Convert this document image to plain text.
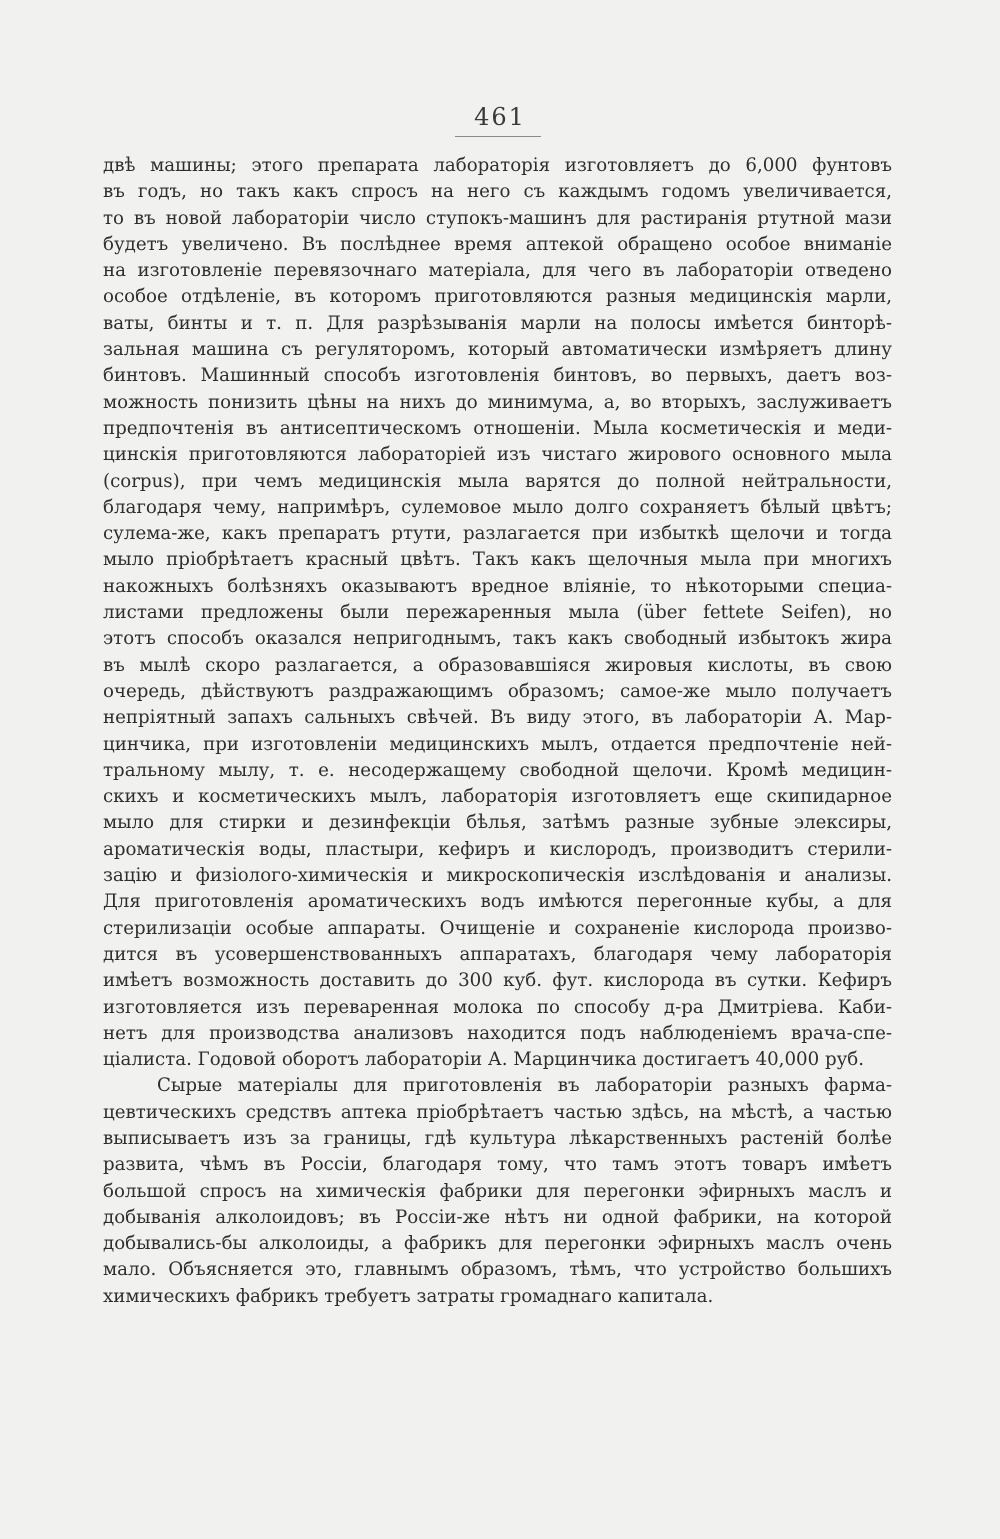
461

двѣ машины; этого препарата лабораторія изготовляетъ до 6,000 фунтовъ
въ годъ, но такъ какъ спросъ на него съ каждымъ годомъ увеличивается,
то въ новой лабораторіи число ступокъ-машинъ для растиранія ртутной мази
будетъ увеличено. Въ послѣднее время аптекой обращено особое вниманіе
на изготовленіе перевязочнаго матеріала, для чего въ лабораторіи отведено
особое отдѣленіе, въ которомъ приготовляются разныя медицинскія марли,
ваты, бинты и т. п. Для разрѣзыванія марли на полосы имѣется бинторѣ-
зальная машина съ регуляторомъ, который автоматически измѣряетъ длину
бинтовъ. Машинный способъ изготовленія бинтовъ, во первыхъ, даетъ воз-
можность понизить цѣны на нихъ до минимума, а, во вторыхъ, заслуживаетъ
предпочтенія въ антисептическомъ отношеніи. Мыла косметическія и меди-
цинскія приготовляются лабораторіей изъ чистаго жирового основного мыла
(corpus), при чемъ медицинскія мыла варятся до полной нейтральности,
благодаря чему, напримѣръ, сулемовое мыло долго сохраняетъ бѣлый цвѣтъ;
сулема-же, какъ препаратъ ртути, разлагается при избыткѣ щелочи и тогда
мыло пріобрѣтаетъ красный цвѣтъ. Такъ какъ щелочныя мыла при многихъ
накожныхъ болѣзняхъ оказываютъ вредное вліяніе, то нѣкоторыми специа-
листами предложены были пережаренныя мыла (über fettete Seifen), но
этотъ способъ оказался непригоднымъ, такъ какъ свободный избытокъ жира
въ мылѣ скоро разлагается, а образовавшіяся жировыя кислоты, въ свою
очередь, дѣйствуютъ раздражающимъ образомъ; самое-же мыло получаетъ
непріятный запахъ сальныхъ свѣчей. Въ виду этого, въ лабораторіи А. Мар-
цинчика, при изготовленіи медицинскихъ мылъ, отдается предпочтеніе ней-
тральному мылу, т. е. несодержащему свободной щелочи. Кромѣ медицин-
скихъ и косметическихъ мылъ, лабораторія изготовляетъ еще скипидарное
мыло для стирки и дезинфекціи бѣлья, затѣмъ разные зубные элексиры,
ароматическія воды, пластыри, кефиръ и кислородъ, производитъ стерили-
зацію и физіолого-химическія и микроскопическія изслѣдованія и анализы.
Для приготовленія ароматическихъ водъ имѣются перегонные кубы, а для
стерилизаціи особые аппараты. Очищеніе и сохраненіе кислорода произво-
дится въ усовершенствованныхъ аппаратахъ, благодаря чему лабораторія
имѣетъ возможность доставить до 300 куб. фут. кислорода въ сутки. Кефиръ
изготовляется изъ переваренная молока по способу д-ра Дмитріева. Каби-
нетъ для производства анализовъ находится подъ наблюденіемъ врача-спе-
ціалиста. Годовой оборотъ лабораторіи А. Марцинчика достигаетъ 40,000 руб.

Сырые матеріалы для приготовленія въ лабораторіи разныхъ фарма-
цевтическихъ средствъ аптека пріобрѣтаетъ частью здѣсь, на мѣстѣ, а частью
выписываетъ изъ за границы, гдѣ культура лѣкарственныхъ растеній болѣе
развита, чѣмъ въ Россіи, благодаря тому, что тамъ этотъ товаръ имѣетъ
большой спросъ на химическія фабрики для перегонки эфирныхъ маслъ и
добыванія алколоидовъ; въ Россіи-же нѣтъ ни одной фабрики, на которой
добывались-бы алколоиды, а фабрикъ для перегонки эфирныхъ маслъ очень
мало. Объясняется это, главнымъ образомъ, тѣмъ, что устройство большихъ
химическихъ фабрикъ требуетъ затраты громаднаго капитала.
